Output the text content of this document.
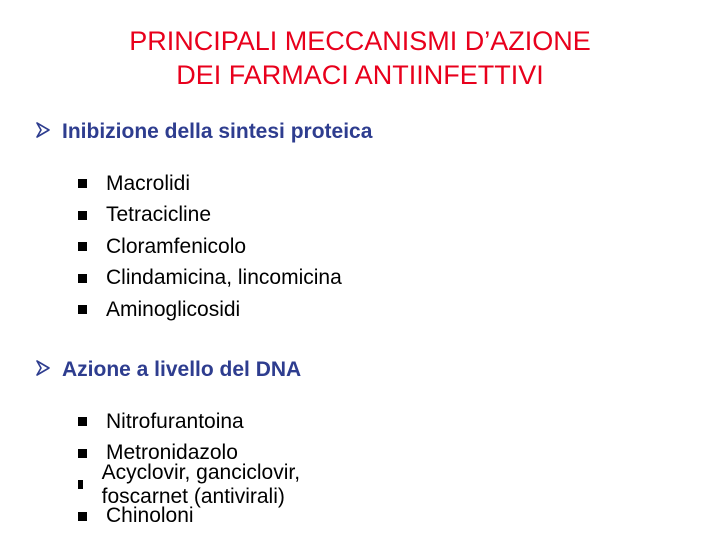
PRINCIPALI MECCANISMI D’AZIONE
DEI FARMACI ANTIINFETTIVI
Inibizione della sintesi proteica
Macrolidi
Tetracicline
Cloramfenicolo
Clindamicina, lincomicina
Aminoglicosidi
Azione a livello del DNA
Nitrofurantoina
Metronidazolo
Acyclovir, ganciclovir, foscarnet (antivirali)
Chinoloni
